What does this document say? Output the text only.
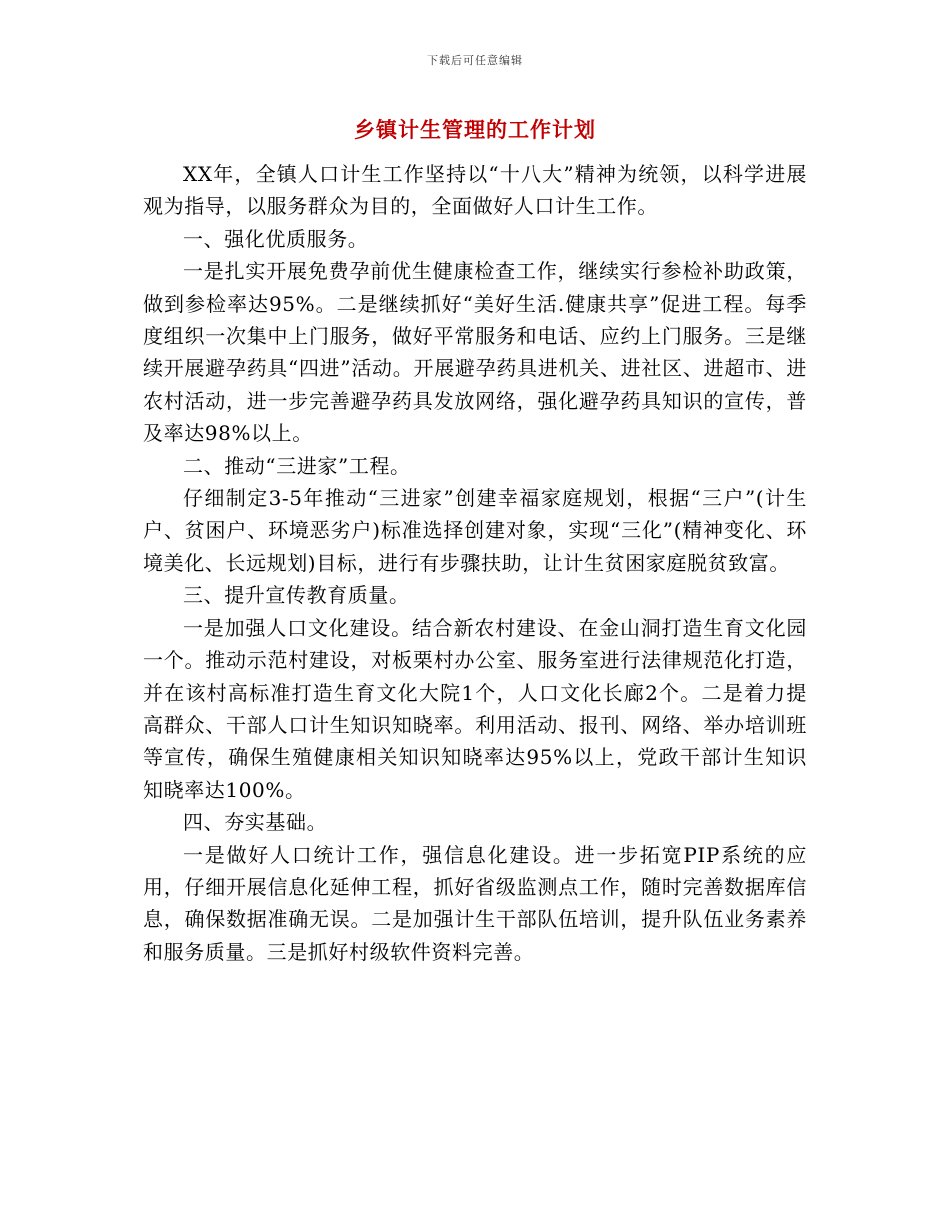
下载后可任意编辑
乡镇计生管理的工作计划

XX年，全镇人口计生工作坚持以“十八大”精神为统领，以科学进展观为指导，以服务群众为目的，全面做好人口计生工作。

一、强化优质服务。

一是扎实开展免费孕前优生健康检查工作，继续实行参检补助政策，做到参检率达95%。二是继续抓好“美好生活.健康共享”促进工程。每季度组织一次集中上门服务，做好平常服务和电话、应约上门服务。三是继续开展避孕药具“四进”活动。开展避孕药具进机关、进社区、进超市、进农村活动，进一步完善避孕药具发放网络，强化避孕药具知识的宣传，普及率达98%以上。

二、推动“三进家”工程。

仔细制定3-5年推动“三进家”创建幸福家庭规划，根据“三户”(计生户、贫困户、环境恶劣户)标准选择创建对象，实现“三化”(精神变化、环境美化、长远规划)目标，进行有步骤扶助，让计生贫困家庭脱贫致富。

三、提升宣传教育质量。

一是加强人口文化建设。结合新农村建设、在金山洞打造生育文化园一个。推动示范村建设，对板栗村办公室、服务室进行法律规范化打造，并在该村高标准打造生育文化大院1个，人口文化长廊2个。二是着力提高群众、干部人口计生知识知晓率。利用活动、报刊、网络、举办培训班等宣传，确保生殖健康相关知识知晓率达95%以上，党政干部计生知识知晓率达100%。

四、夯实基础。

一是做好人口统计工作，强信息化建设。进一步拓宽PIP系统的应用，仔细开展信息化延伸工程，抓好省级监测点工作，随时完善数据库信息，确保数据准确无误。二是加强计生干部队伍培训，提升队伍业务素养和服务质量。三是抓好村级软件资料完善。
